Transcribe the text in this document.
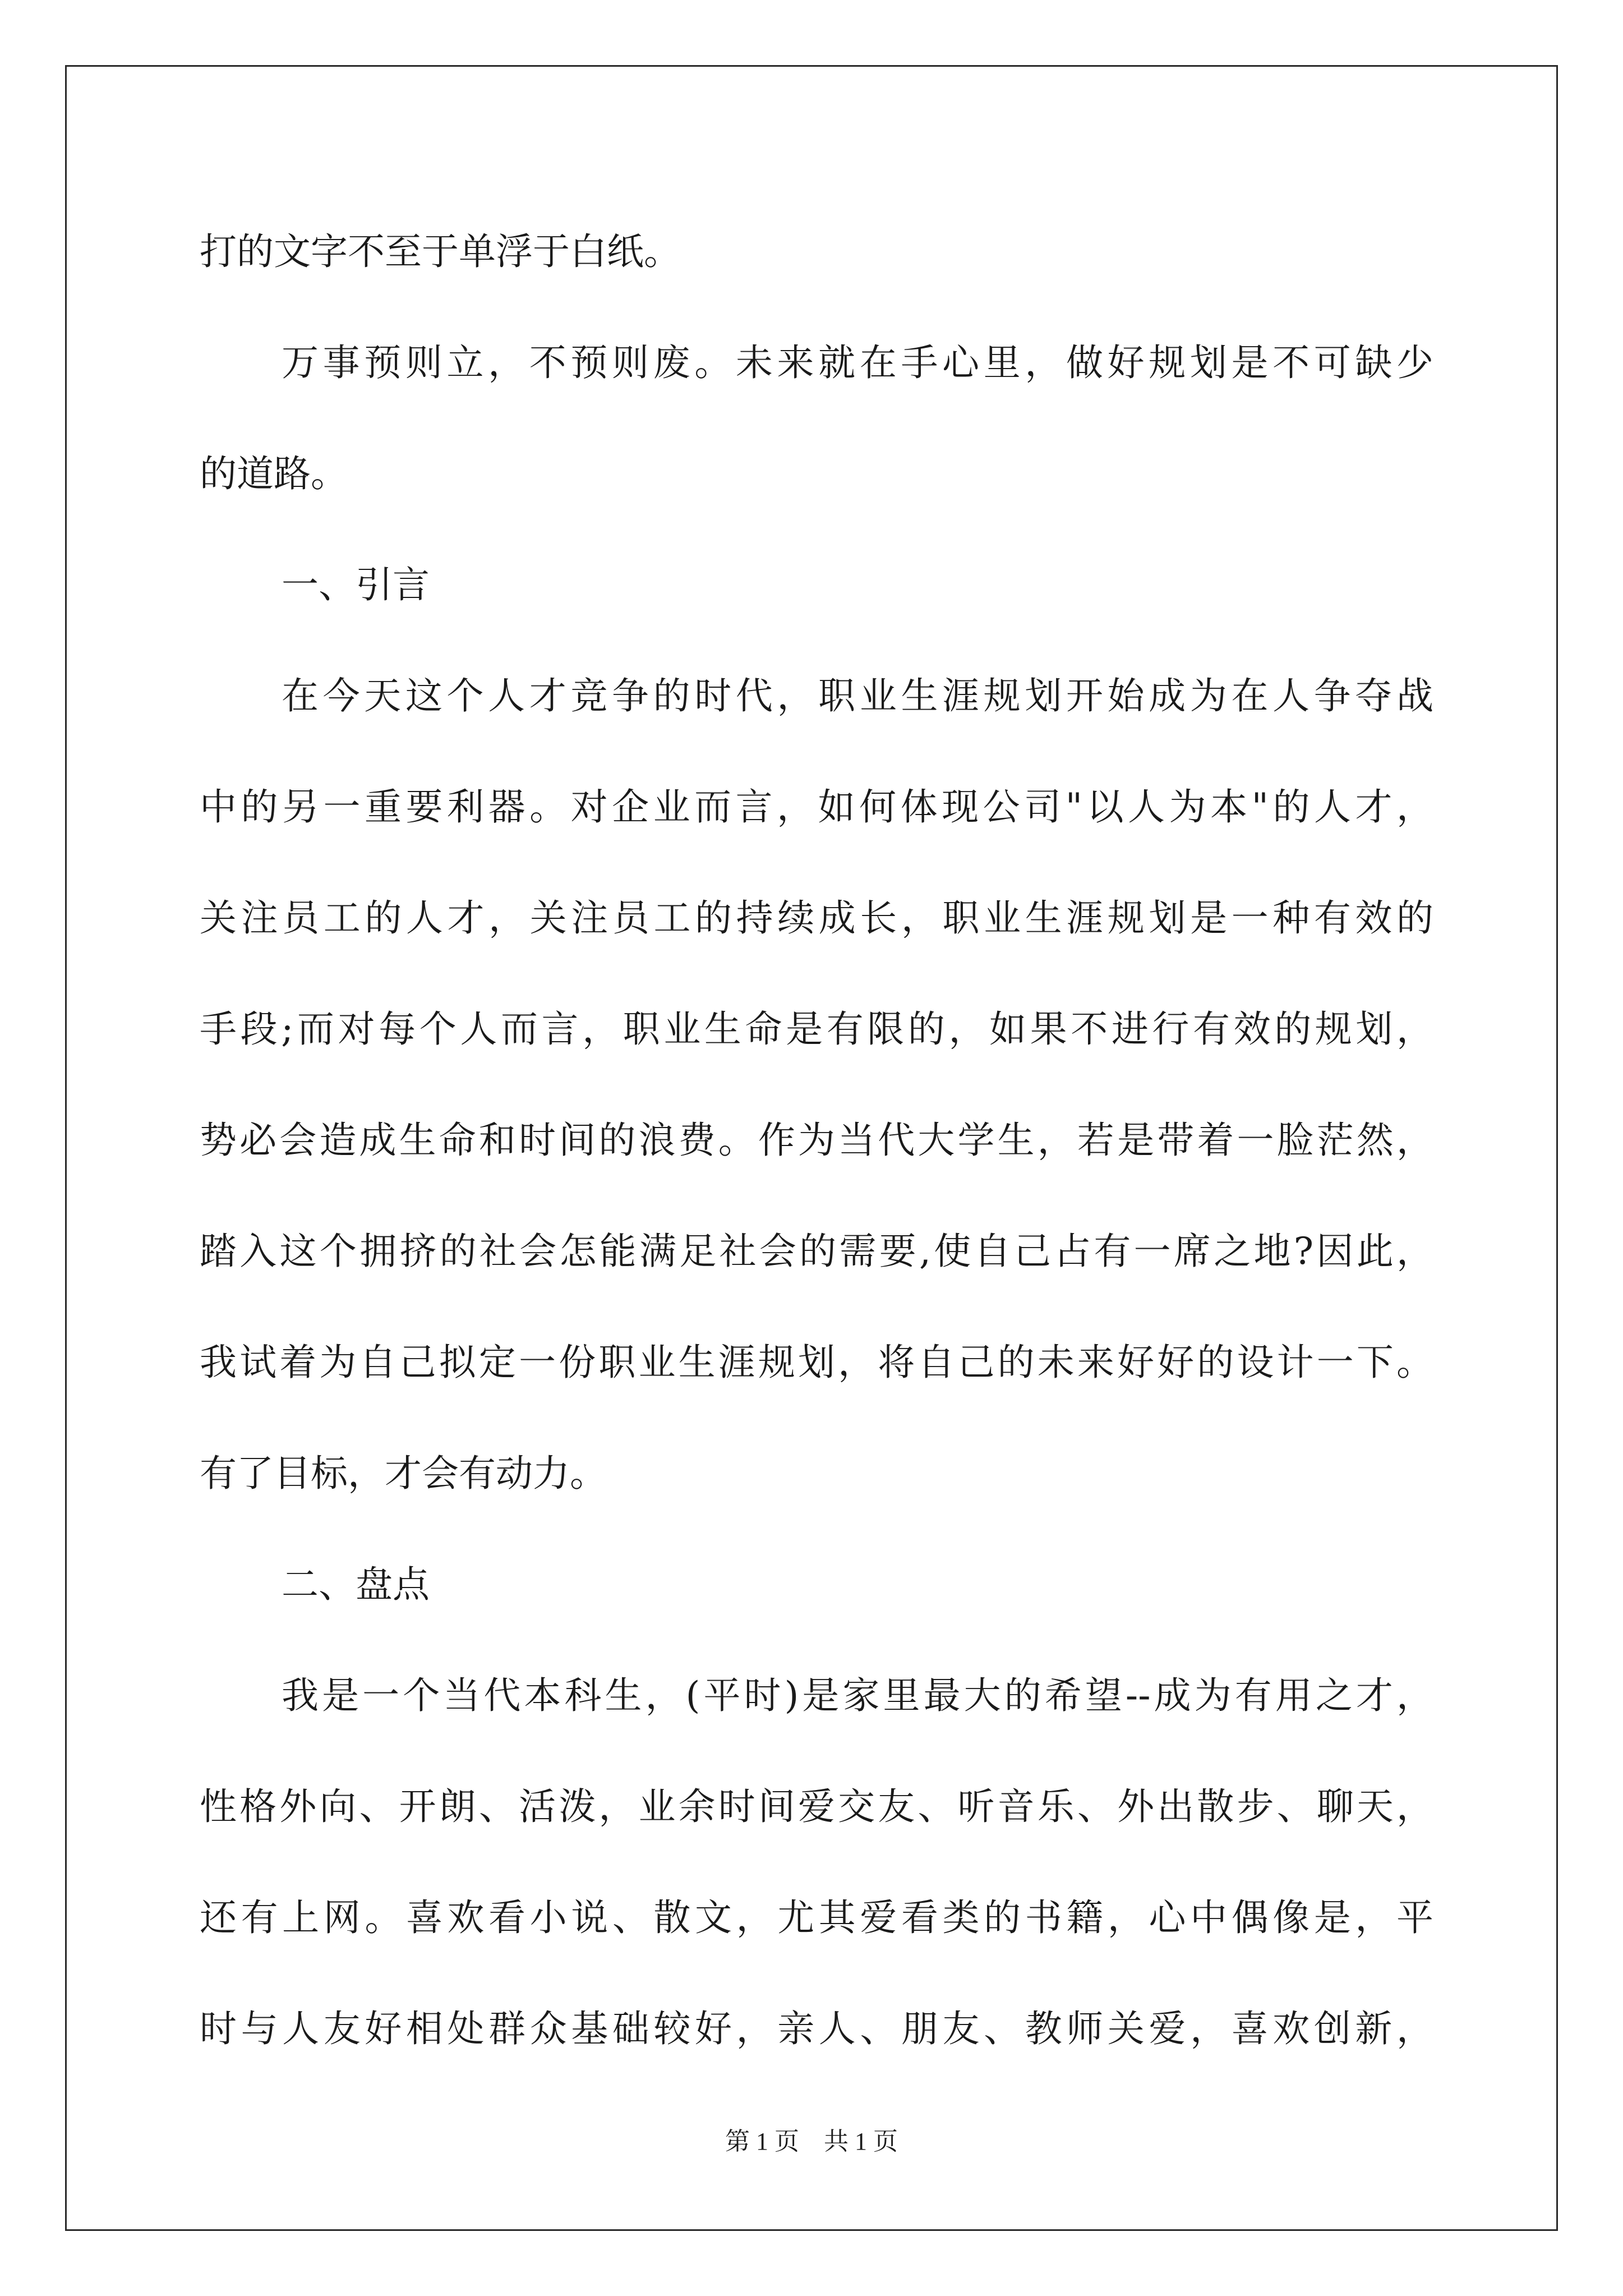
打的文字不至于单浮于白纸。
万事预则立，不预则废。未来就在手心里，做好规划是不可缺少
的道路。
一、引言
在今天这个人才竞争的时代，职业生涯规划开始成为在人争夺战
中的另一重要利器。对企业而言，如何体现公司"以人为本"的人才，
关注员工的人才，关注员工的持续成长，职业生涯规划是一种有效的
手段;而对每个人而言，职业生命是有限的，如果不进行有效的规划，
势必会造成生命和时间的浪费。作为当代大学生，若是带着一脸茫然，
踏入这个拥挤的社会怎能满足社会的需要,使自己占有一席之地?因此，
我试着为自己拟定一份职业生涯规划，将自己的未来好好的设计一下。
有了目标，才会有动力。
二、盘点
我是一个当代本科生，(平时)是家里最大的希望--成为有用之才，
性格外向、开朗、活泼，业余时间爱交友、听音乐、外出散步、聊天，
还有上网。喜欢看小说、散文，尤其爱看类的书籍，心中偶像是，平
时与人友好相处群众基础较好，亲人、朋友、教师关爱，喜欢创新，
第 1 页    共 1 页
